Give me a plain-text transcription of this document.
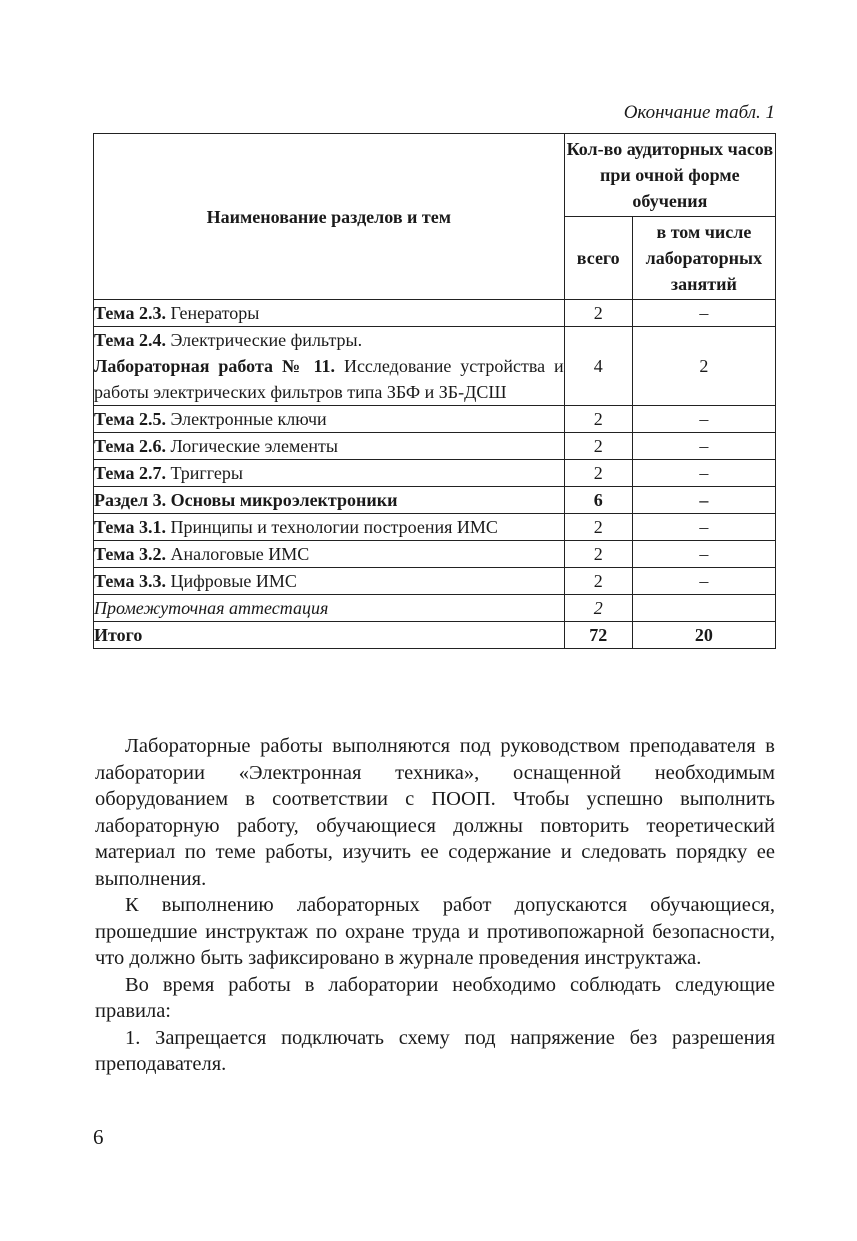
Окончание табл. 1
Наименование разделов и тем	Кол-во аудиторных часов при очной форме обучения	
	всего	в том числе лабораторных занятий
Тема 2.3. Генераторы	2	–
Тема 2.4. Электрические фильтры.
Лабораторная работа № 11. Исследование устройства и работы электрических фильтров типа ЗБФ и ЗБ-ДСШ	4	2
Тема 2.5. Электронные ключи	2	–
Тема 2.6. Логические элементы	2	–
Тема 2.7. Триггеры	2	–
Раздел 3. Основы микроэлектроники	6	–
Тема 3.1. Принципы и технологии построения ИМС	2	–
Тема 3.2. Аналоговые ИМС	2	–
Тема 3.3. Цифровые ИМС	2	–
Промежуточная аттестация	2	
Итого	72	20

Лабораторные работы выполняются под руководством преподавателя в лаборатории «Электронная техника», оснащенной необходимым оборудованием в соответствии с ПООП. Чтобы успешно выполнить лабораторную работу, обучающиеся должны повторить теоретический материал по теме работы, изучить ее содержание и следовать порядку ее выполнения.

К выполнению лабораторных работ допускаются обучающиеся, прошедшие инструктаж по охране труда и противопожарной безопасности, что должно быть зафиксировано в журнале проведения инструктажа.

Во время работы в лаборатории необходимо соблюдать следующие правила:

1. Запрещается подключать схему под напряжение без разрешения преподавателя.

6
